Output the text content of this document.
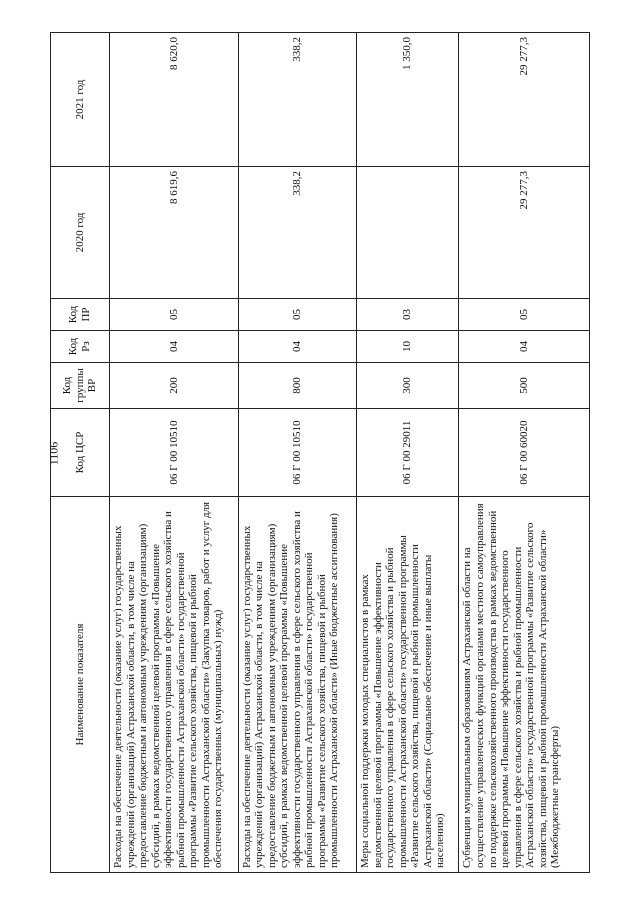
1106
Наименование показателя	Код ЦСР	Код группы ВР	Код Рз	Код ПР	2020 год	2021 год
Расходы на обеспечение деятельности (оказание услуг) государственных учреждений (организаций) Астраханской области, в том числе на предоставление бюджетным и автономным учреждениям (организациям) субсидий, в рамках ведомственной целевой программы «Повышение эффективности государственного управления в сфере сельского хозяйства и рыбной промышленности Астраханской области» государственной программы «Развитие сельского хозяйства, пищевой и рыбной промышленности Астраханской области» (Закупка товаров, работ и услуг для обеспечения государственных (муниципальных) нужд)	06 Г 00 10510	200	04	05	8 619,6	8 620,0
Расходы на обеспечение деятельности (оказание услуг) государственных учреждений (организаций) Астраханской области, в том числе на предоставление бюджетным и автономным учреждениям (организациям) субсидий, в рамках ведомственной целевой программы «Повышение эффективности государственного управления в сфере сельского хозяйства и рыбной промышленности Астраханской области» государственной программы «Развитие сельского хозяйства, пищевой и рыбной промышленности Астраханской области» (Иные бюджетные ассигнования)	06 Г 00 10510	800	04	05	338,2	338,2
Меры социальной поддержки молодых специалистов в рамках ведомственной целевой программы «Повышение эффективности государственного управления в сфере сельского хозяйства и рыбной промышленности Астраханской области» государственной программы «Развитие сельского хозяйства, пищевой и рыбной промышленности Астраханской области» (Социальное обеспечение и иные выплаты населению)	06 Г 00 29011	300	10	03		1 350,0
Субвенции муниципальным образованиям Астраханской области на осуществление управленческих функций органами местного самоуправления по поддержке сельскохозяйственного производства в рамках ведомственной целевой программы «Повышение эффективности государственного управления в сфере сельского хозяйства и рыбной промышленности Астраханской области» государственной программы «Развитие сельского хозяйства, пищевой и рыбной промышленности Астраханской области» (Межбюджетные трансферты)	06 Г 00 60020	500	04	05	29 277,3	29 277,3
